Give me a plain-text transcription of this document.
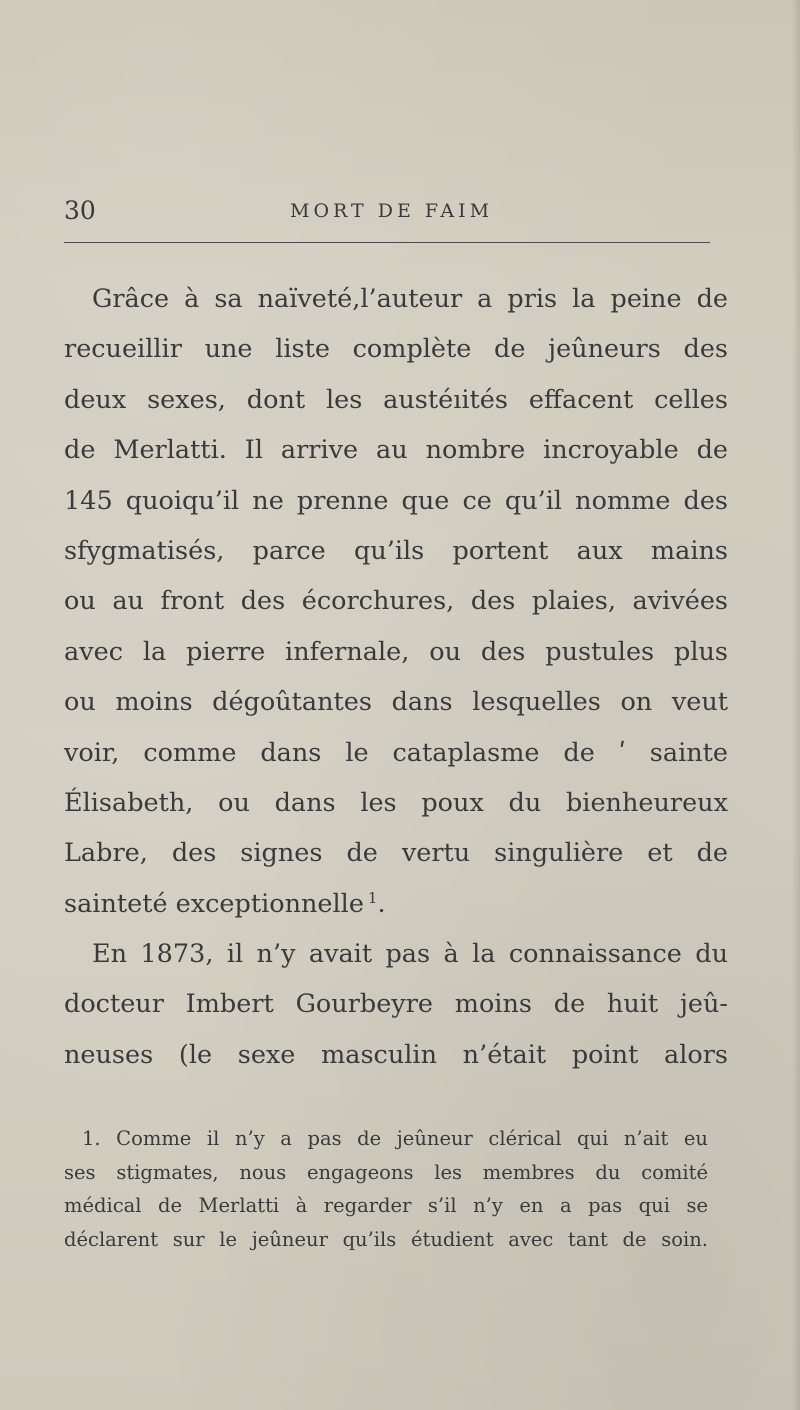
30	MORT DE FAIM
Grâce à sa naïveté,l’auteur a pris la peine de
recueillir une liste complète de jeûneurs des
deux sexes, dont les austéıités effacent celles
de Merlatti. Il arrive au nombre incroyable de
145 quoiqu’il ne prenne que ce qu’il nomme des
sfygmatisés, parce qu’ils portent aux mains
ou au front des écorchures, des plaies, avivées
avec la pierre infernale, ou des pustules plus
ou moins dégoûtantes dans lesquelles on veut
voir, comme dans le cataplasme de ʹ sainte
Élisabeth, ou dans les poux du bienheureux
Labre, des signes de vertu singulière et de
sainteté exceptionnelle $^1$.
En 1873, il n’y avait pas à la connaissance du
docteur Imbert Gourbeyre moins de huit jeû-
neuses (le sexe masculin n’était point alors
1. Comme il n’y a pas de jeûneur clérical qui n’ait eu
ses stigmates, nous engageons les membres du comité
médical de Merlatti à regarder s’il n’y en a pas qui se
déclarent sur le jeûneur qu’ils étudient avec tant de soin.
